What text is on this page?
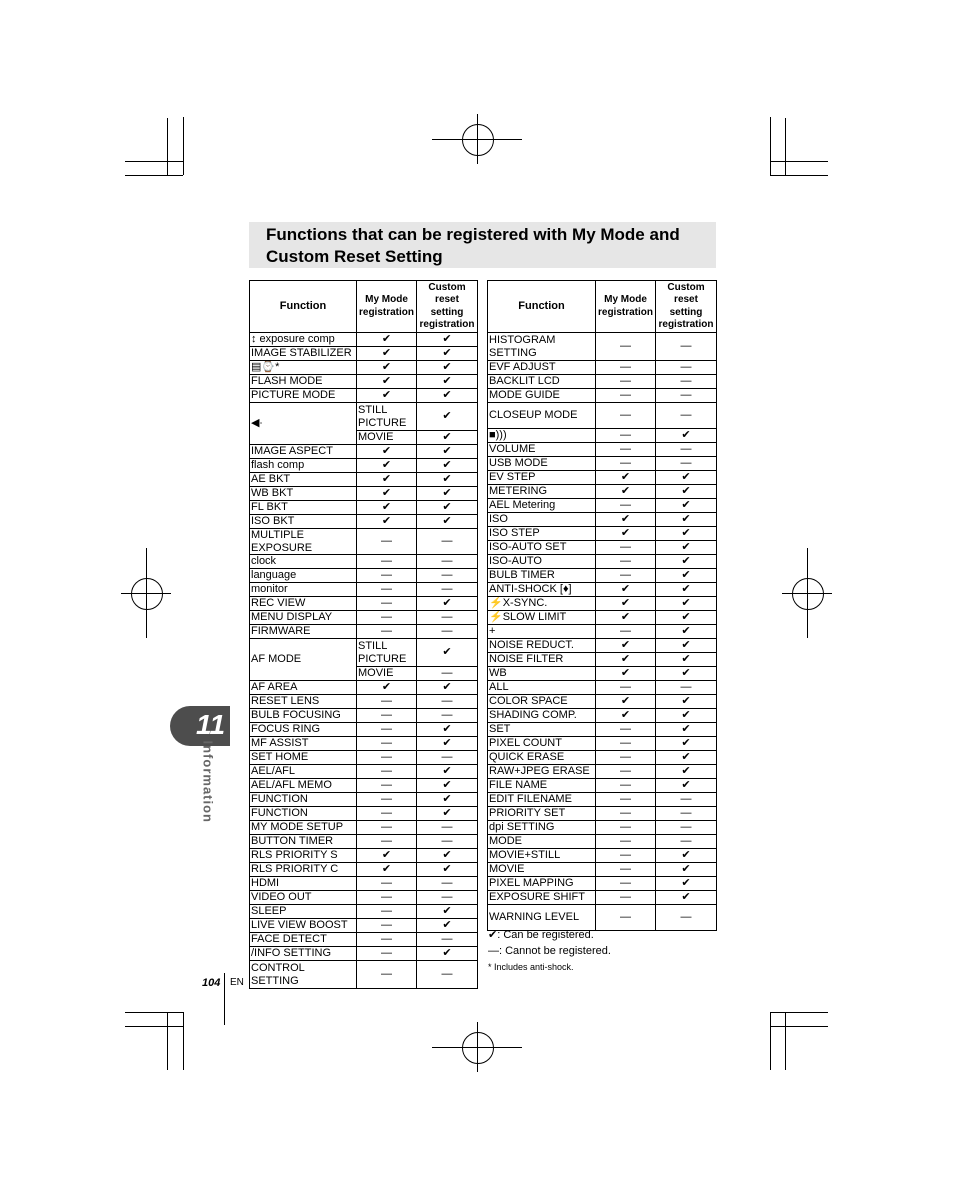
Functions that can be registered with My Mode and Custom Reset Setting
11
Information
104 EN
Function	My Mode registration	Custom reset setting registration	
↕ exposure comp	✔	✔	
IMAGE STABILIZER	✔	✔	
▤⌚*	✔	✔	
FLASH MODE	✔	✔	
PICTURE MODE	✔	✔	
◀∙	STILL PICTURE	✔	
	MOVIE	✔	
IMAGE ASPECT	✔	✔	
flash comp	✔	✔	
AE BKT	✔	✔	
WB BKT	✔	✔	
FL BKT	✔	✔	
ISO BKT	✔	✔	
MULTIPLE EXPOSURE	—	—	
clock	—	—	
language	—	—	
monitor	—	—	
REC VIEW	—	✔	
MENU DISPLAY	—	—	
FIRMWARE	—	—	
AF MODE	STILL PICTURE	✔	
	MOVIE	—	
AF AREA	✔	✔	
RESET LENS	—	—	
BULB FOCUSING	—	—	
FOCUS RING	—	✔	
MF ASSIST	—	✔	
SET HOME	—	—	
AEL/AFL	—	✔	
AEL/AFL MEMO	—	✔	
FUNCTION	—	✔	
FUNCTION	—	✔	
MY MODE SETUP	—	—	
BUTTON TIMER	—	—	
RLS PRIORITY S	✔	✔	
RLS PRIORITY C	✔	✔	
HDMI	—	—	
VIDEO OUT	—	—	
SLEEP	—	✔	
LIVE VIEW BOOST	—	✔	
FACE DETECT	—	—	
/INFO SETTING	—	✔	
CONTROL SETTING	—	—	
Function	My Mode registration	Custom reset setting registration
HISTOGRAM SETTING	—	—
EVF ADJUST	—	—
BACKLIT LCD	—	—
MODE GUIDE	—	—
CLOSEUP MODE	—	—
■)))	—	✔
VOLUME	—	—
USB MODE	—	—
EV STEP	✔	✔
METERING	✔	✔
AEL Metering	—	✔
ISO	✔	✔
ISO STEP	✔	✔
ISO-AUTO SET	—	✔
ISO-AUTO	—	✔
BULB TIMER	—	✔
ANTI-SHOCK [♦]	✔	✔
⚡X-SYNC.	✔	✔
⚡SLOW LIMIT	✔	✔
+	—	✔
NOISE REDUCT.	✔	✔
NOISE FILTER	✔	✔
WB	✔	✔
ALL	—	—
COLOR SPACE	✔	✔
SHADING COMP.	✔	✔
SET	—	✔
PIXEL COUNT	—	✔
QUICK ERASE	—	✔
RAW+JPEG ERASE	—	✔
FILE NAME	—	✔
EDIT FILENAME	—	—
PRIORITY SET	—	—
dpi SETTING	—	—
MODE	—	—
MOVIE+STILL	—	✔
MOVIE	—	✔
PIXEL MAPPING	—	✔
EXPOSURE SHIFT	—	✔
WARNING LEVEL	—	—
✔: Can be registered.
—: Cannot be registered.
* Includes anti-shock.
